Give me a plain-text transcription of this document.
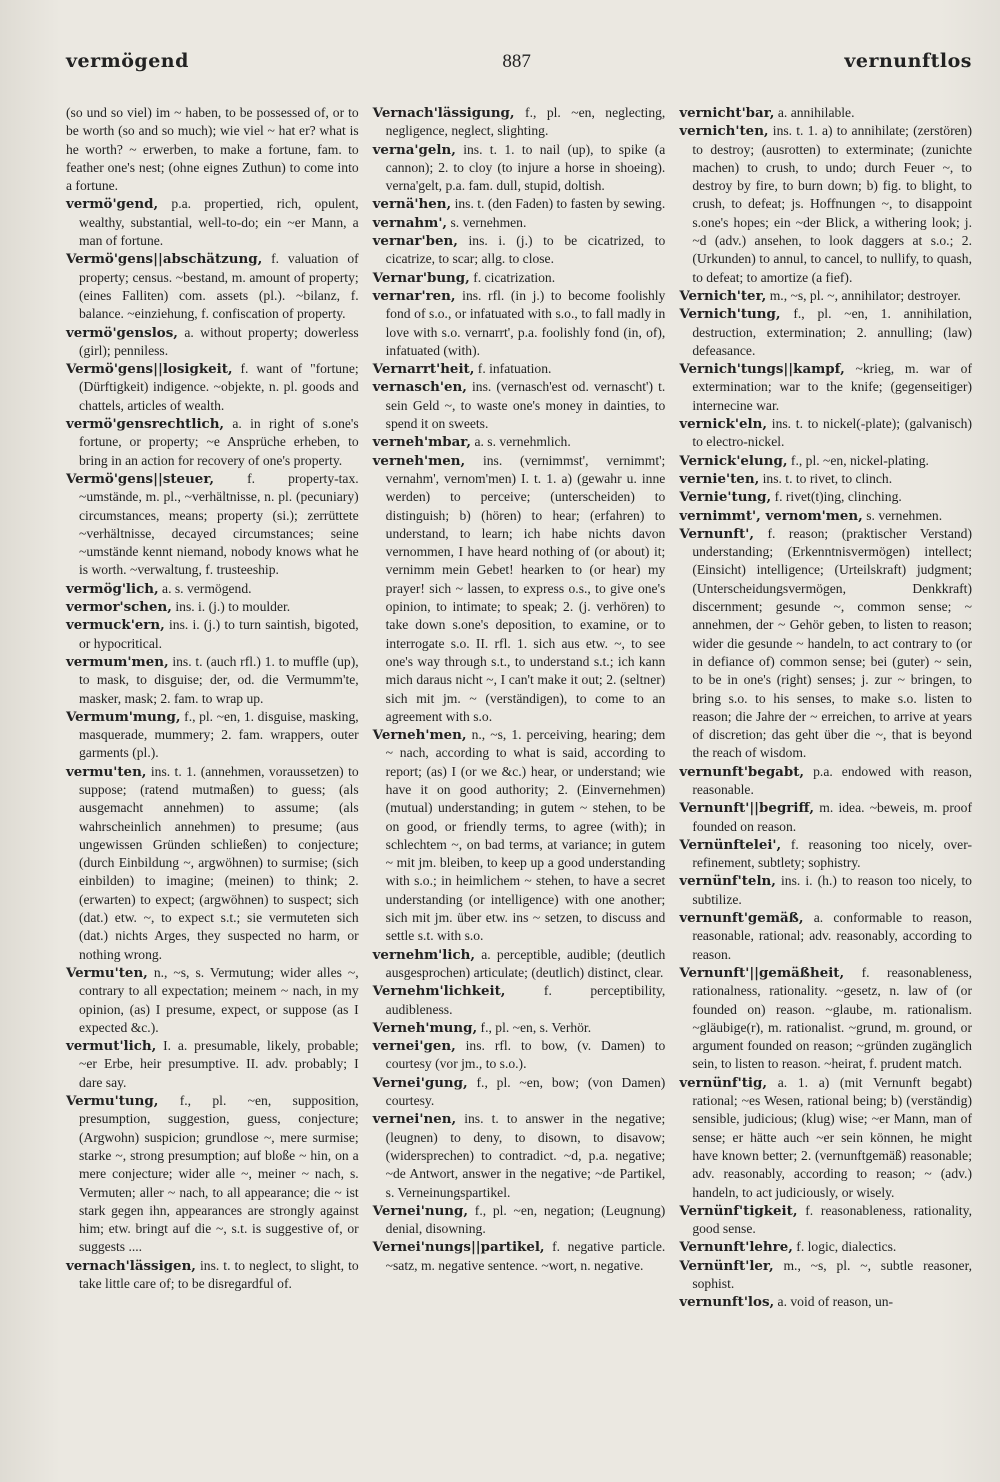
vermögend	887	vernunftlos

(so und so viel) im ~ haben, to be possessed of, or to be worth (so and so much); wie viel ~ hat er? what is he worth? ~ erwerben, to make a fortune, fam. to feather one's nest; (ohne eignes Zuthun) to come into a fortune.

vermö'gend, p.a. propertied, rich, opulent, wealthy, substantial, well-to-do; ein ~er Mann, a man of fortune.

Vermö'gens||abschätzung, f. valuation of property; census. ~bestand, m. amount of property; (eines Falliten) com. assets (pl.). ~bilanz, f. balance. ~einziehung, f. confiscation of property.

vermö'genslos, a. without property; dowerless (girl); penniless.

Vermö'gens||losigkeit, f. want of "fortune; (Dürftigkeit) indigence. ~objekte, n. pl. goods and chattels, articles of wealth.

vermö'gensrechtlich, a. in right of s.one's fortune, or property; ~e Ansprüche erheben, to bring in an action for recovery of one's property.

Vermö'gens||steuer, f. property-tax. ~umstände, m. pl., ~verhältnisse, n. pl. (pecuniary) circumstances, means; property (si.); zerrüttete ~verhältnisse, decayed circumstances; seine ~umstände kennt niemand, nobody knows what he is worth. ~verwaltung, f. trusteeship.

vermög'lich, a. s. vermögend.

vermor'schen, ins. i. (j.) to moulder.

vermuck'ern, ins. i. (j.) to turn saintish, bigoted, or hypocritical.

vermum'men, ins. t. (auch rfl.) 1. to muffle (up), to mask, to disguise; der, od. die Vermumm'te, masker, mask; 2. fam. to wrap up.

Vermum'mung, f., pl. ~en, 1. disguise, masking, masquerade, mummery; 2. fam. wrappers, outer garments (pl.).

vermu'ten, ins. t. 1. (annehmen, voraussetzen) to suppose; (ratend mutmaßen) to guess; (als ausgemacht annehmen) to assume; (als wahrscheinlich annehmen) to presume; (aus ungewissen Gründen schließen) to conjecture; (durch Einbildung ~, argwöhnen) to surmise; (sich einbilden) to imagine; (meinen) to think; 2. (erwarten) to expect; (argwöhnen) to suspect; sich (dat.) etw. ~, to expect s.t.; sie vermuteten sich (dat.) nichts Arges, they suspected no harm, or nothing wrong.

Vermu'ten, n., ~s, s. Vermutung; wider alles ~, contrary to all expectation; meinem ~ nach, in my opinion, (as) I presume, expect, or suppose (as I expected &c.).

vermut'lich, I. a. presumable, likely, probable; ~er Erbe, heir presumptive. II. adv. probably; I dare say.

Vermu'tung, f., pl. ~en, supposition, presumption, suggestion, guess, conjecture; (Argwohn) suspicion; grundlose ~, mere surmise; starke ~, strong presumption; auf bloße ~ hin, on a mere conjecture; wider alle ~, meiner ~ nach, s. Vermuten; aller ~ nach, to all appearance; die ~ ist stark gegen ihn, appearances are strongly against him; etw. bringt auf die ~, s.t. is suggestive of, or suggests ....

vernach'lässigen, ins. t. to neglect, to slight, to take little care of; to be disregardful of.

Vernach'lässigung, f., pl. ~en, neglecting, negligence, neglect, slighting.

verna'geln, ins. t. 1. to nail (up), to spike (a cannon); 2. to cloy (to injure a horse in shoeing). verna'gelt, p.a. fam. dull, stupid, doltish.

vernä'hen, ins. t. (den Faden) to fasten by sewing.

vernahm', s. vernehmen.

vernar'ben, ins. i. (j.) to be cicatrized, to cicatrize, to scar; allg. to close.

Vernar'bung, f. cicatrization.

vernar'ren, ins. rfl. (in j.) to become foolishly fond of s.o., or infatuated with s.o., to fall madly in love with s.o. vernarrt', p.a. foolishly fond (in, of), infatuated (with).

Vernarrt'heit, f. infatuation.

vernasch'en, ins. (vernasch'est od. vernascht') t. sein Geld ~, to waste one's money in dainties, to spend it on sweets.

verneh'mbar, a. s. vernehmlich.

verneh'men, ins. (vernimmst', vernimmt'; vernahm', vernom'men) I. t. 1. a) (gewahr u. inne werden) to perceive; (unterscheiden) to distinguish; b) (hören) to hear; (erfahren) to understand, to learn; ich habe nichts davon vernommen, I have heard nothing of (or about) it; vernimm mein Gebet! hearken to (or hear) my prayer! sich ~ lassen, to express o.s., to give one's opinion, to intimate; to speak; 2. (j. verhören) to take down s.one's deposition, to examine, or to interrogate s.o. II. rfl. 1. sich aus etw. ~, to see one's way through s.t., to understand s.t.; ich kann mich daraus nicht ~, I can't make it out; 2. (seltner) sich mit jm. ~ (verständigen), to come to an agreement with s.o.

Verneh'men, n., ~s, 1. perceiving, hearing; dem ~ nach, according to what is said, according to report; (as) I (or we &c.) hear, or understand; wie have it on good authority; 2. (Einvernehmen) (mutual) understanding; in gutem ~ stehen, to be on good, or friendly terms, to agree (with); in schlechtem ~, on bad terms, at variance; in gutem ~ mit jm. bleiben, to keep up a good understanding with s.o.; in heimlichem ~ stehen, to have a secret understanding (or intelligence) with one another; sich mit jm. über etw. ins ~ setzen, to discuss and settle s.t. with s.o.

vernehm'lich, a. perceptible, audible; (deutlich ausgesprochen) articulate; (deutlich) distinct, clear.

Vernehm'lichkeit, f. perceptibility, audibleness.

Verneh'mung, f., pl. ~en, s. Verhör.

vernei'gen, ins. rfl. to bow, (v. Damen) to courtesy (vor jm., to s.o.).

Vernei'gung, f., pl. ~en, bow; (von Damen) courtesy.

vernei'nen, ins. t. to answer in the negative; (leugnen) to deny, to disown, to disavow; (widersprechen) to contradict. ~d, p.a. negative; ~de Antwort, answer in the negative; ~de Partikel, s. Verneinungspartikel.

Vernei'nung, f., pl. ~en, negation; (Leugnung) denial, disowning.

Vernei'nungs||partikel, f. negative particle. ~satz, m. negative sentence. ~wort, n. negative.

vernicht'bar, a. annihilable.

vernich'ten, ins. t. 1. a) to annihilate; (zerstören) to destroy; (ausrotten) to exterminate; (zunichte machen) to crush, to undo; durch Feuer ~, to destroy by fire, to burn down; b) fig. to blight, to crush, to defeat; js. Hoffnungen ~, to disappoint s.one's hopes; ein ~der Blick, a withering look; j. ~d (adv.) ansehen, to look daggers at s.o.; 2. (Urkunden) to annul, to cancel, to nullify, to quash, to defeat; to amortize (a fief).

Vernich'ter, m., ~s, pl. ~, annihilator; destroyer.

Vernich'tung, f., pl. ~en, 1. annihilation, destruction, extermination; 2. annulling; (law) defeasance.

Vernich'tungs||kampf, ~krieg, m. war of extermination; war to the knife; (gegenseitiger) internecine war.

vernick'eln, ins. t. to nickel(-plate); (galvanisch) to electro-nickel.

Vernick'elung, f., pl. ~en, nickel-plating.

vernie'ten, ins. t. to rivet, to clinch.

Vernie'tung, f. rivet(t)ing, clinching.

vernimmt', vernom'men, s. vernehmen.

Vernunft', f. reason; (praktischer Verstand) understanding; (Erkenntnisvermögen) intellect; (Einsicht) intelligence; (Urteilskraft) judgment; (Unterscheidungsvermögen, Denkkraft) discernment; gesunde ~, common sense; ~ annehmen, der ~ Gehör geben, to listen to reason; wider die gesunde ~ handeln, to act contrary to (or in defiance of) common sense; bei (guter) ~ sein, to be in one's (right) senses; j. zur ~ bringen, to bring s.o. to his senses, to make s.o. listen to reason; die Jahre der ~ erreichen, to arrive at years of discretion; das geht über die ~, that is beyond the reach of wisdom.

vernunft'begabt, p.a. endowed with reason, reasonable.

Vernunft'||begriff, m. idea. ~beweis, m. proof founded on reason.

Vernünftelei', f. reasoning too nicely, over-refinement, subtlety; sophistry.

vernünf'teln, ins. i. (h.) to reason too nicely, to subtilize.

vernunft'gemäß, a. conformable to reason, reasonable, rational; adv. reasonably, according to reason.

Vernunft'||gemäßheit, f. reasonableness, rationalness, rationality. ~gesetz, n. law of (or founded on) reason. ~glaube, m. rationalism. ~gläubige(r), m. rationalist. ~grund, m. ground, or argument founded on reason; ~gründen zugänglich sein, to listen to reason. ~heirat, f. prudent match.

vernünf'tig, a. 1. a) (mit Vernunft begabt) rational; ~es Wesen, rational being; b) (verständig) sensible, judicious; (klug) wise; ~er Mann, man of sense; er hätte auch ~er sein können, he might have known better; 2. (vernunftgemäß) reasonable; adv. reasonably, according to reason; ~ (adv.) handeln, to act judiciously, or wisely.

Vernünf'tigkeit, f. reasonableness, rationality, good sense.

Vernunft'lehre, f. logic, dialectics.

Vernünft'ler, m., ~s, pl. ~, subtle reasoner, sophist.

vernunft'los, a. void of reason, un-
